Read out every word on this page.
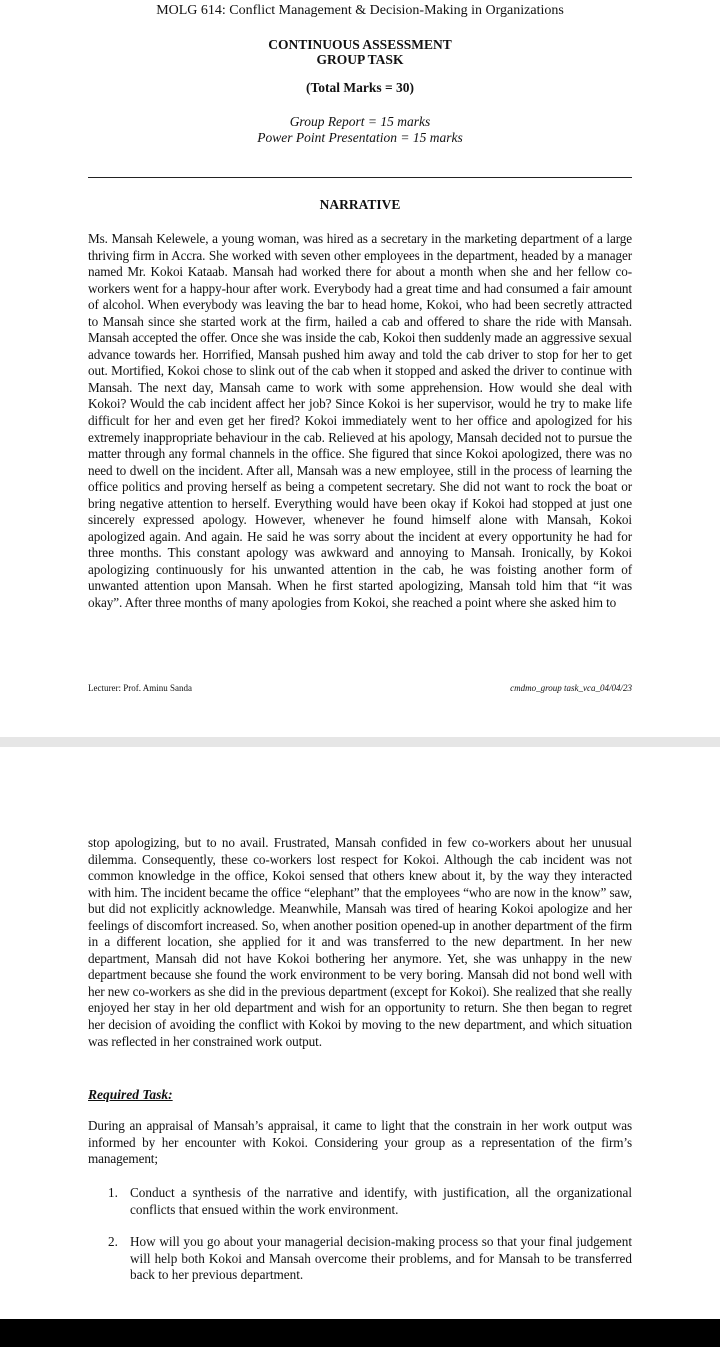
MOLG 614: Conflict Management & Decision-Making in Organizations
CONTINUOUS ASSESSMENT
GROUP TASK
(Total Marks = 30)
Group Report = 15 marks
Power Point Presentation = 15 marks
NARRATIVE

Ms. Mansah Kelewele, a young woman, was hired as a secretary in the marketing department of a large thriving firm in Accra. She worked with seven other employees in the department, headed by a manager named Mr. Kokoi Kataab. Mansah had worked there for about a month when she and her fellow co-workers went for a happy-hour after work. Everybody had a great time and had consumed a fair amount of alcohol. When everybody was leaving the bar to head home, Kokoi, who had been secretly attracted to Mansah since she started work at the firm, hailed a cab and offered to share the ride with Mansah. Mansah accepted the offer. Once she was inside the cab, Kokoi then suddenly made an aggressive sexual advance towards her. Horrified, Mansah pushed him away and told the cab driver to stop for her to get out. Mortified, Kokoi chose to slink out of the cab when it stopped and asked the driver to continue with Mansah. The next day, Mansah came to work with some apprehension. How would she deal with Kokoi? Would the cab incident affect her job? Since Kokoi is her supervisor, would he try to make life difficult for her and even get her fired? Kokoi immediately went to her office and apologized for his extremely inappropriate behaviour in the cab. Relieved at his apology, Mansah decided not to pursue the matter through any formal channels in the office. She figured that since Kokoi apologized, there was no need to dwell on the incident. After all, Mansah was a new employee, still in the process of learning the office politics and proving herself as being a competent secretary. She did not want to rock the boat or bring negative attention to herself. Everything would have been okay if Kokoi had stopped at just one sincerely expressed apology. However, whenever he found himself alone with Mansah, Kokoi apologized again. And again. He said he was sorry about the incident at every opportunity he had for three months. This constant apology was awkward and annoying to Mansah. Ironically, by Kokoi apologizing continuously for his unwanted attention in the cab, he was foisting another form of unwanted attention upon Mansah. When he first started apologizing, Mansah told him that “it was okay”. After three months of many apologies from Kokoi, she reached a point where she asked him to

Lecturer: Prof. Aminu Sanda	cmdmo_group task_vca_04/04/23

stop apologizing, but to no avail. Frustrated, Mansah confided in few co-workers about her unusual dilemma. Consequently, these co-workers lost respect for Kokoi. Although the cab incident was not common knowledge in the office, Kokoi sensed that others knew about it, by the way they interacted with him. The incident became the office “elephant” that the employees “who are now in the know” saw, but did not explicitly acknowledge. Meanwhile, Mansah was tired of hearing Kokoi apologize and her feelings of discomfort increased. So, when another position opened-up in another department of the firm in a different location, she applied for it and was transferred to the new department. In her new department, Mansah did not have Kokoi bothering her anymore. Yet, she was unhappy in the new department because she found the work environment to be very boring. Mansah did not bond well with her new co-workers as she did in the previous department (except for Kokoi). She realized that she really enjoyed her stay in her old department and wish for an opportunity to return. She then began to regret her decision of avoiding the conflict with Kokoi by moving to the new department, and which situation was reflected in her constrained work output.

Required Task:

During an appraisal of Mansah’s appraisal, it came to light that the constrain in her work output was informed by her encounter with Kokoi. Considering your group as a representation of the firm’s management;

1. Conduct a synthesis of the narrative and identify, with justification, all the organizational conflicts that ensued within the work environment.
2. How will you go about your managerial decision-making process so that your final judgement will help both Kokoi and Mansah overcome their problems, and for Mansah to be transferred back to her previous department.
